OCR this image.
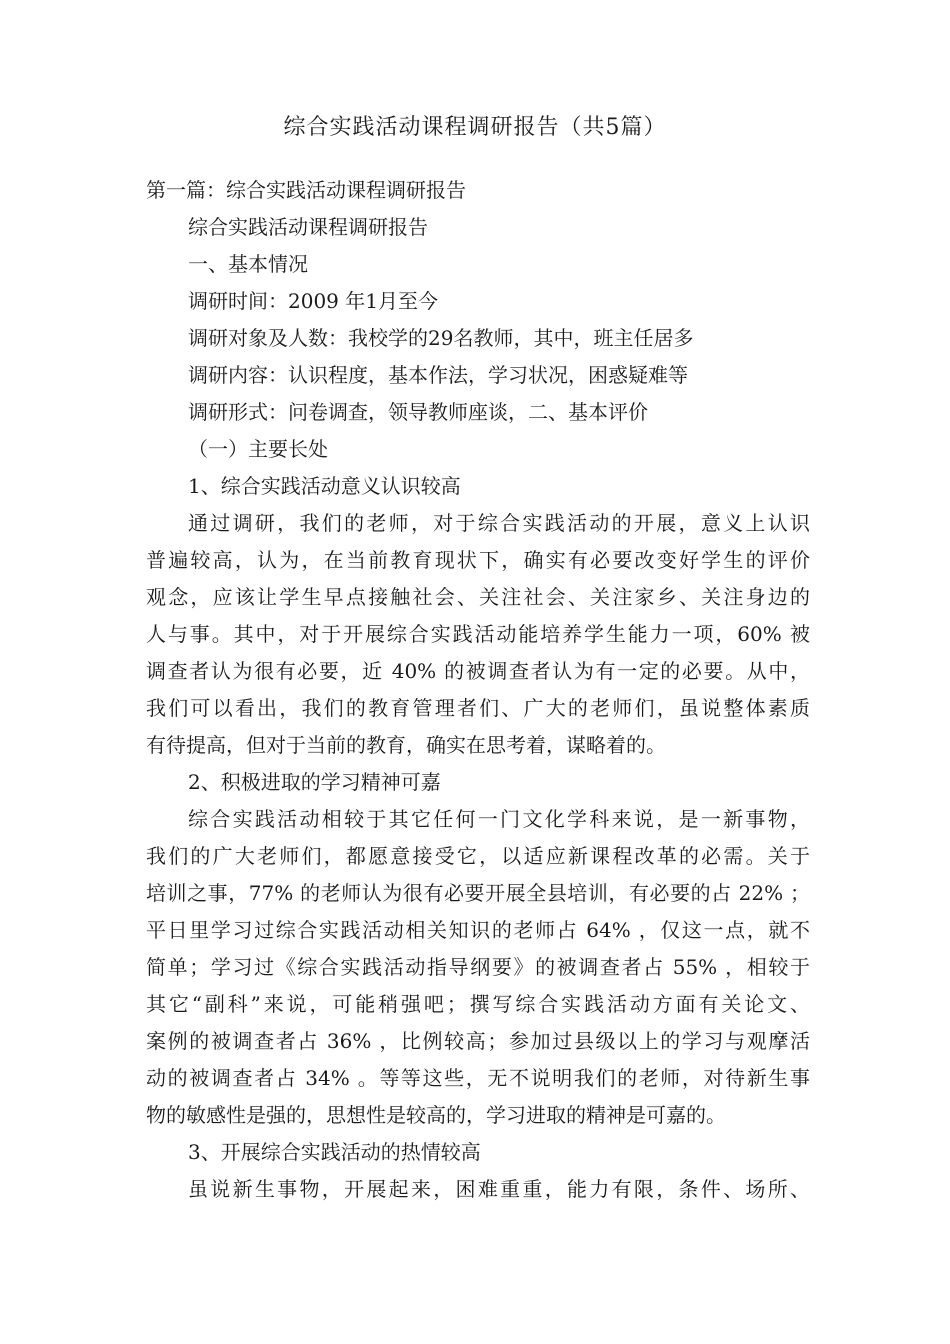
综合实践活动课程调研报告（共5篇）
第一篇：综合实践活动课程调研报告
综合实践活动课程调研报告
一、基本情况
调研时间：2009 年1月至今
调研对象及人数：我校学的29名教师，其中，班主任居多
调研内容：认识程度，基本作法，学习状况，困惑疑难等
调研形式：问卷调查，领导教师座谈，二、基本评价
（一）主要长处
1、综合实践活动意义认识较高
通过调研，我们的老师，对于综合实践活动的开展，意义上认识
普遍较高，认为，在当前教育现状下，确实有必要改变好学生的评价
观念，应该让学生早点接触社会、关注社会、关注家乡、关注身边的
人与事。其中，对于开展综合实践活动能培养学生能力一项，60% 被
调查者认为很有必要，近 40% 的被调查者认为有一定的必要。从中，
我们可以看出，我们的教育管理者们、广大的老师们，虽说整体素质
有待提高，但对于当前的教育，确实在思考着，谋略着的。
2、积极进取的学习精神可嘉
综合实践活动相较于其它任何一门文化学科来说，是一新事物，
我们的广大老师们，都愿意接受它，以适应新课程改革的必需。关于
培训之事，77% 的老师认为很有必要开展全县培训，有必要的占 22% ；
平日里学习过综合实践活动相关知识的老师占 64% ，仅这一点，就不
简单；学习过《综合实践活动指导纲要》的被调查者占 55% ，相较于
其它“副科”来说，可能稍强吧；撰写综合实践活动方面有关论文、
案例的被调查者占 36% ，比例较高；参加过县级以上的学习与观摩活
动的被调查者占 34% 。等等这些，无不说明我们的老师，对待新生事
物的敏感性是强的，思想性是较高的，学习进取的精神是可嘉的。
3、开展综合实践活动的热情较高
虽说新生事物，开展起来，困难重重，能力有限，条件、场所、
